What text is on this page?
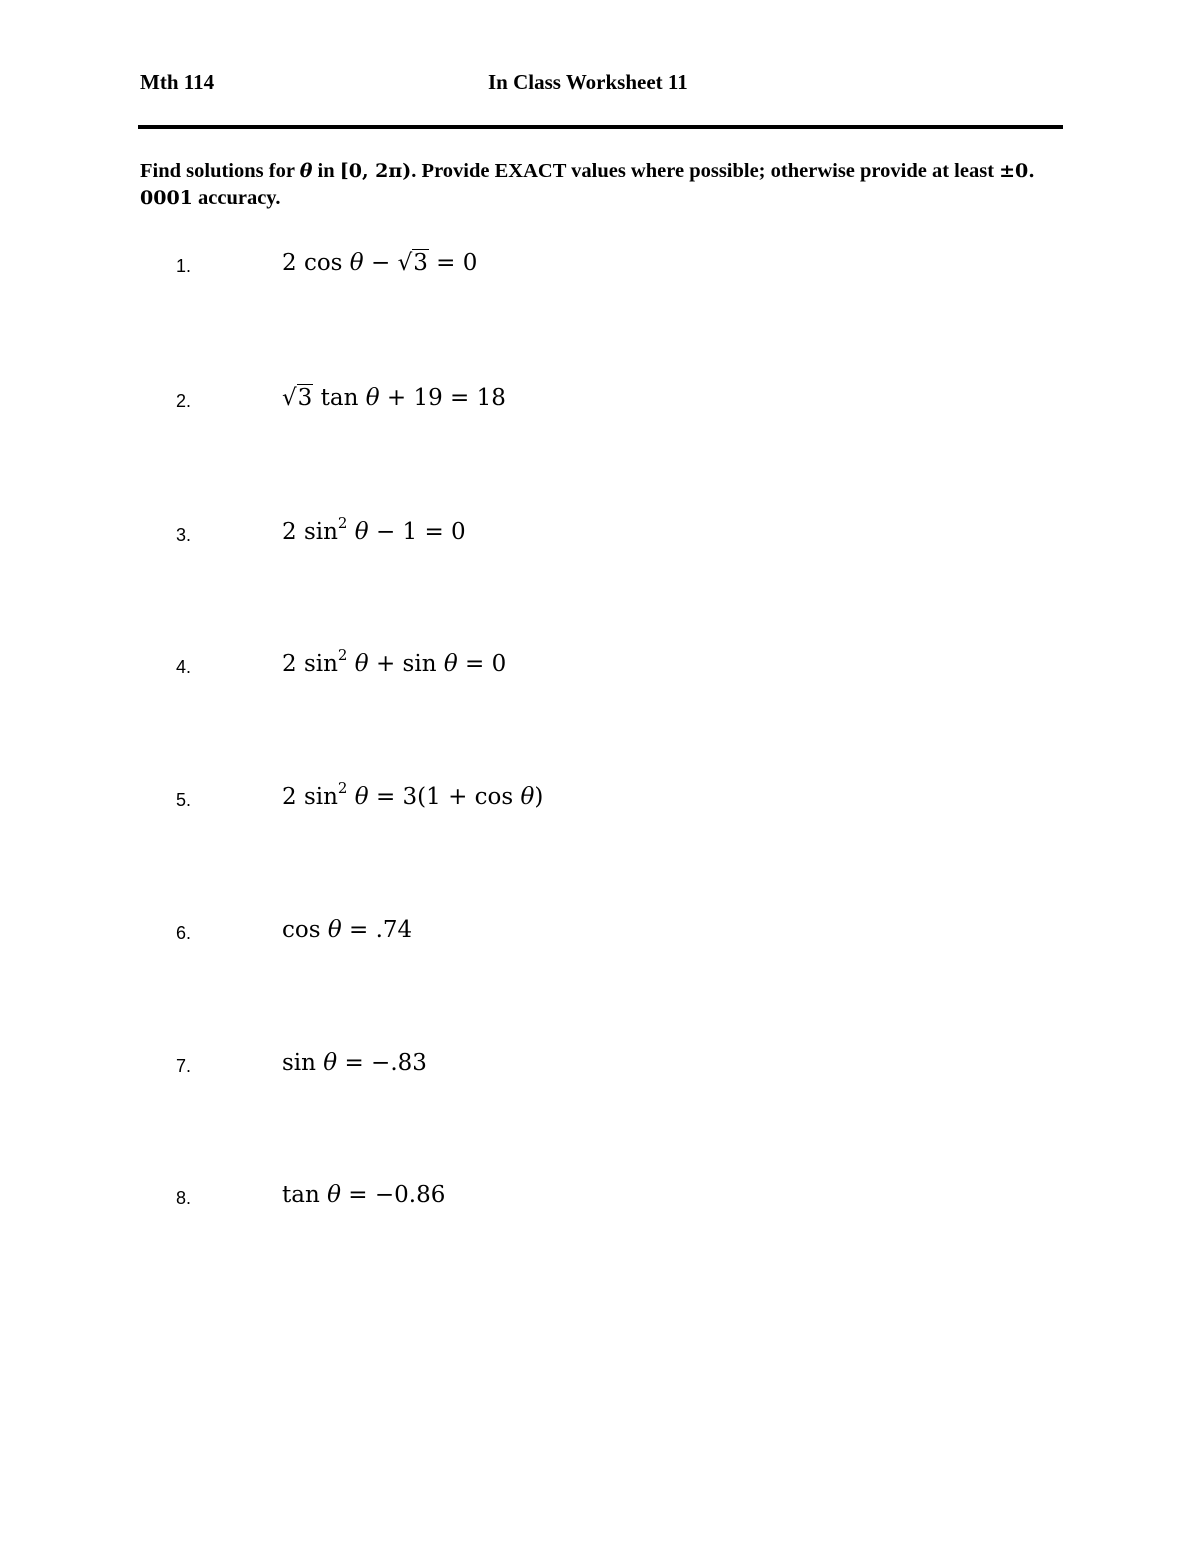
Mth 114	In Class Worksheet 11
Find solutions for θ in [0, 2π). Provide EXACT values where possible; otherwise provide at least ±0. 0001 accuracy.
1.	2 cos θ − √3 = 0
2.	√3 tan θ + 19 = 18
3.	2 $\sin^2 \theta - 1 = 0$
4.	2 $\sin^2 \theta + \sin \theta = 0$
5.	2 $\sin^2 \theta = 3(1 + \cos \theta)$
6.	cos θ = .74
7.	sin θ = −.83
8.	tan θ = −0.86
